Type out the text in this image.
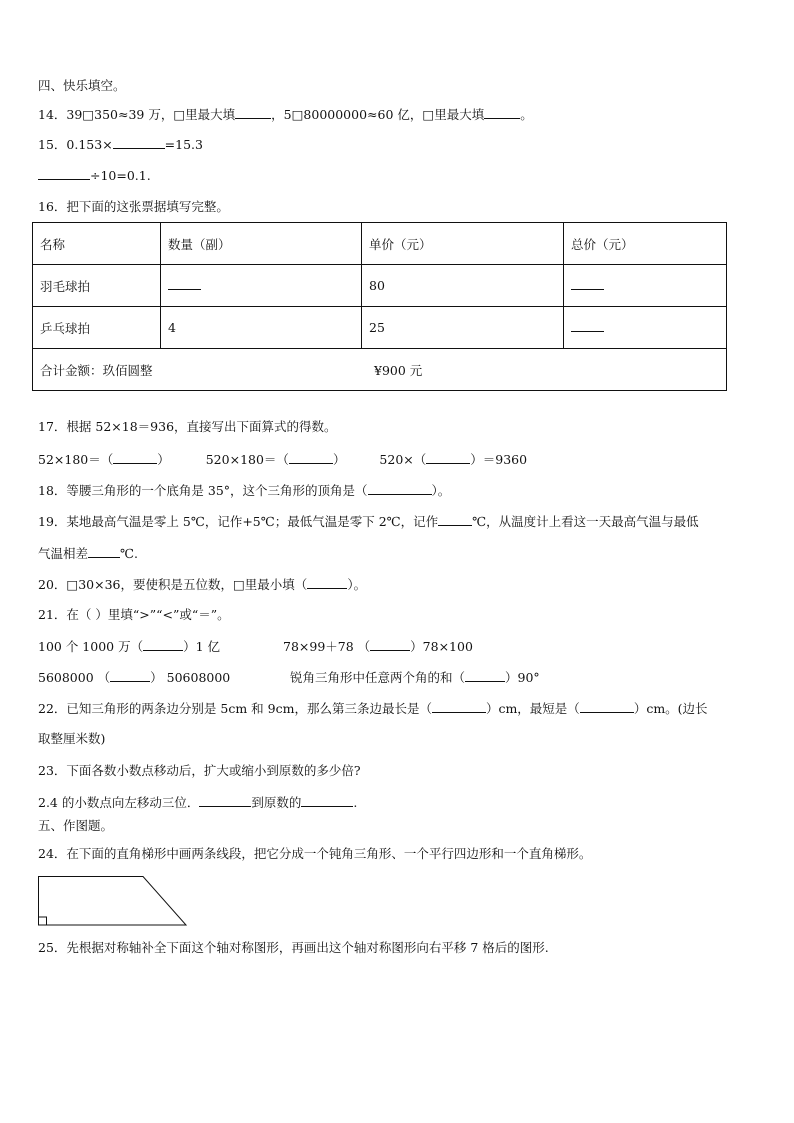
四、快乐填空。
14．39□350≈39 万，□里最大填	，5□80000000≈60 亿，□里最大填	。
15．0.153×	=15.3
÷10=0.1.
16．把下面的这张票据填写完整。
名称	数量（副）	单价（元）	总价（元）
羽毛球拍		80	
乒乓球拍	4	25	
合计金额：玖佰圆整 ¥900 元			
17．根据 52×18＝936，直接写出下面算式的得数。
52×180＝（	）	520×180＝（	）	520×（	）＝9360
18．等腰三角形的一个底角是 35°，这个三角形的顶角是（	）。
19．某地最高气温是零上 5℃，记作+5℃；最低气温是零下 2℃，记作	℃，从温度计上看这一天最高气温与最低
气温相差	℃.
20．□30×36，要使积是五位数，□里最小填（	）。
21．在（ ）里填“>”“<”或“＝”。
100 个 1000 万（	）1 亿	78×99＋78 （	）78×100
5608000 （	） 50608000	锐角三角形中任意两个角的和（	）90°
22．已知三角形的两条边分别是 5cm 和 9cm，那么第三条边最长是（	）cm，最短是（	）cm。(边长
取整厘米数)
23．下面各数小数点移动后，扩大或缩小到原数的多少倍?
2.4 的小数点向左移动三位．	到原数的	.
五、作图题。
24．在下面的直角梯形中画两条线段，把它分成一个钝角三角形、一个平行四边形和一个直角梯形。
25．先根据对称轴补全下面这个轴对称图形，再画出这个轴对称图形向右平移 7 格后的图形.
